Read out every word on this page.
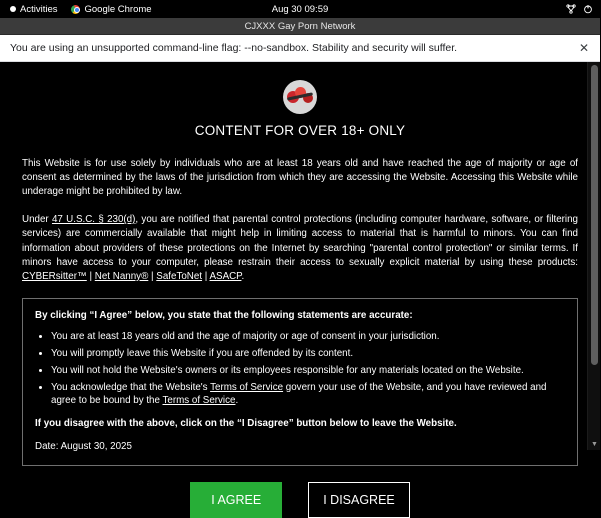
Activities	Google Chrome	Aug 30 09:59
CJXXX Gay Porn Network
You are using an unsupported command-line flag: --no-sandbox. Stability and security will suffer.	✕
CONTENT FOR OVER 18+ ONLY

This Website is for use solely by individuals who are at least 18 years old and have reached the age of majority or age of consent as determined by the laws of the jurisdiction from which they are accessing the Website. Accessing this Website while underage might be prohibited by law.

Under 47 U.S.C. § 230(d), you are notified that parental control protections (including computer hardware, software, or filtering services) are commercially available that might help in limiting access to material that is harmful to minors. You can find information about providers of these protections on the Internet by searching "parental control protection" or similar terms. If minors have access to your computer, please restrain their access to sexually explicit material by using these products: CYBERsitter™ | Net Nanny® | SafeToNet | ASACP.

By clicking “I Agree” below, you state that the following statements are accurate:

• You are at least 18 years old and the age of majority or age of consent in your jurisdiction.
• You will promptly leave this Website if you are offended by its content.
• You will not hold the Website's owners or its employees responsible for any materials located on the Website.
• You acknowledge that the Website's Terms of Service govern your use of the Website, and you have reviewed and agree to be bound by the Terms of Service.

If you disagree with the above, click on the “I Disagree” button below to leave the Website.

Date: August 30, 2025

I AGREE	I DISAGREE
▼
